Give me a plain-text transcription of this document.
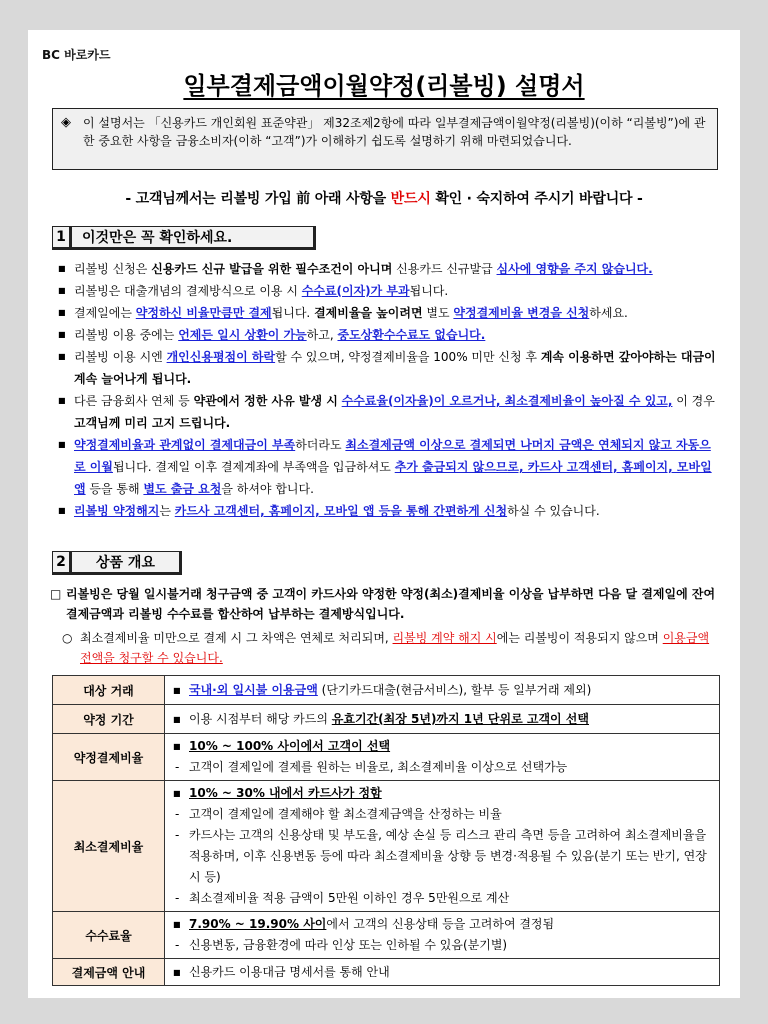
BC 바로카드
일부결제금액이월약정(리볼빙) 설명서
◈ 이 설명서는 「신용카드 개인회원 표준약관」 제32조제2항에 따라 일부결제금액이월약정(리볼빙)(이하 “리볼빙”)에 관한 중요한 사항을 금융소비자(이하 “고객”)가 이해하기 쉽도록 설명하기 위해 마련되었습니다.
- 고객님께서는 리볼빙 가입 前 아래 사항을 반드시 확인 · 숙지하여 주시기 바랍니다 -
1	이것만은 꼭 확인하세요.
■ 리볼빙 신청은 신용카드 신규 발급을 위한 필수조건이 아니며 신용카드 신규발급 심사에 영향을 주지 않습니다.
■ 리볼빙은 대출개념의 결제방식으로 이용 시 수수료(이자)가 부과됩니다.
■ 결제일에는 약정하신 비율만큼만 결제됩니다. 결제비율을 높이려면 별도 약정결제비율 변경을 신청하세요.
■ 리볼빙 이용 중에는 언제든 일시 상환이 가능하고, 중도상환수수료도 없습니다.
■ 리볼빙 이용 시엔 개인신용평점이 하락할 수 있으며, 약정결제비율을 100% 미만 신청 후 계속 이용하면 갚아야하는 대금이 계속 늘어나게 됩니다.
■ 다른 금융회사 연체 등 약관에서 정한 사유 발생 시 수수료율(이자율)이 오르거나, 최소결제비율이 높아질 수 있고, 이 경우 고객님께 미리 고지 드립니다.
■ 약정결제비율과 관계없이 결제대금이 부족하더라도 최소결제금액 이상으로 결제되면 나머지 금액은 연체되지 않고 자동으로 이월됩니다. 결제일 이후 결제계좌에 부족액을 입금하셔도 추가 출금되지 않으므로, 카드사 고객센터, 홈페이지, 모바일 앱 등을 통해 별도 출금 요청을 하셔야 합니다.
■ 리볼빙 약정해지는 카드사 고객센터, 홈페이지, 모바일 앱 등을 통해 간편하게 신청하실 수 있습니다.
2	상품 개요
□ 리볼빙은 당월 일시불거래 청구금액 중 고객이 카드사와 약정한 약정(최소)결제비율 이상을 납부하면 다음 달 결제일에 잔여결제금액과 리볼빙 수수료를 합산하여 납부하는 결제방식입니다.
○ 최소결제비율 미만으로 결제 시 그 차액은 연체로 처리되며, 리볼빙 계약 해지 시에는 리볼빙이 적용되지 않으며 이용금액 전액을 청구할 수 있습니다.
대상 거래	■ 국내·외 일시불 이용금액 (단기카드대출(현금서비스), 할부 등 일부거래 제외)

약정 기간	■ 이용 시점부터 해당 카드의 유효기간(최장 5년)까지 1년 단위로 고객이 선택

약정결제비율	■ 10% ~ 100% 사이에서 고객이 선택
- 고객이 결제일에 결제를 원하는 비율로, 최소결제비율 이상으로 선택가능

최소결제비율	■ 10% ~ 30% 내에서 카드사가 정함
- 고객이 결제일에 결제해야 할 최소결제금액을 산정하는 비율
- 카드사는 고객의 신용상태 및 부도율, 예상 손실 등 리스크 관리 측면 등을 고려하여 최소결제비율을 적용하며, 이후 신용변동 등에 따라 최소결제비율 상향 등 변경·적용될 수 있음(분기 또는 반기, 연장 시 등)
- 최소결제비율 적용 금액이 5만원 이하인 경우 5만원으로 계산

수수료율	■ 7.90% ~ 19.90% 사이에서 고객의 신용상태 등을 고려하여 결정됨
- 신용변동, 금융환경에 따라 인상 또는 인하될 수 있음(분기별)

결제금액 안내	■ 신용카드 이용대금 명세서를 통해 안내
